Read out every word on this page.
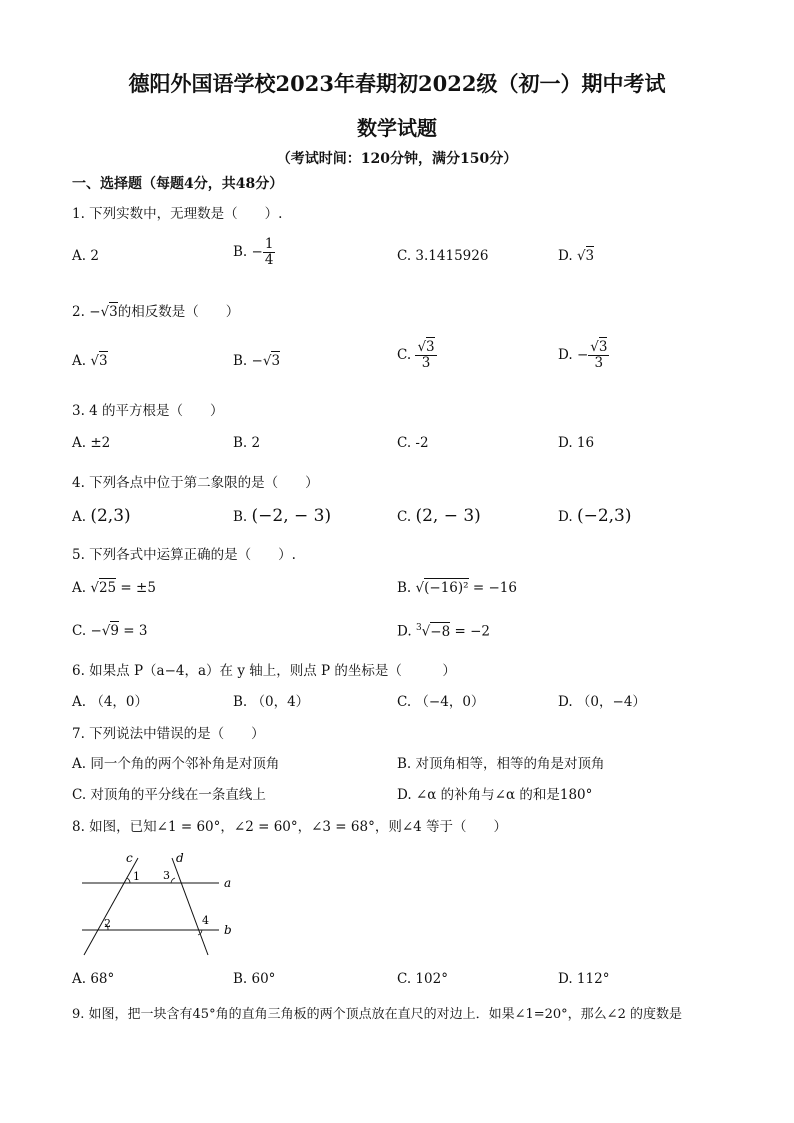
德阳外国语学校2023年春期初2022级（初一）期中考试
数学试题
（考试时间：120分钟，满分150分）
一、选择题（每题4分，共48分）
1. 下列实数中，无理数是（　　）.
A. 2	B. − $\frac{1}{4}$	C. 3.1415926	D. √3
2. −√3的相反数是（　　）
A. √3	B. −√3	C. $\frac{√3}{3}$	D. − $\frac{√3}{3}$
3. 4 的平方根是（　　）
A. ±2	B. 2	C. -2	D. 16
4. 下列各点中位于第二象限的是（　　）
A. (2,3)	B. (−2, − 3)	C. (2, − 3)	D. (−2,3)
5. 下列各式中运算正确的是（　　）.
A. √25 = ±5	B. √(−16)² = −16
C. −√9 = 3	D. $^3$√−8 = −2
6. 如果点 P（a−4，a）在 y 轴上，则点 P 的坐标是（　　　）
A. （4，0）	B. （0，4）	C. （−4，0）	D. （0，−4）
7. 下列说法中错误的是（　　）
A. 同一个角的两个邻补角是对顶角	B. 对顶角相等，相等的角是对顶角
C. 对顶角的平分线在一条直线上	D. ∠α 的补角与∠α 的和是180°
8. 如图，已知∠1 = 60°，∠2 = 60°，∠3 = 68°，则∠4 等于（　　）
c	d
a
b
1 3
2	4
A. 68°	B. 60°	C. 102°	D. 112°
9. 如图，把一块含有45°角的直角三角板的两个顶点放在直尺的对边上．如果∠1=20°，那么∠2 的度数是
